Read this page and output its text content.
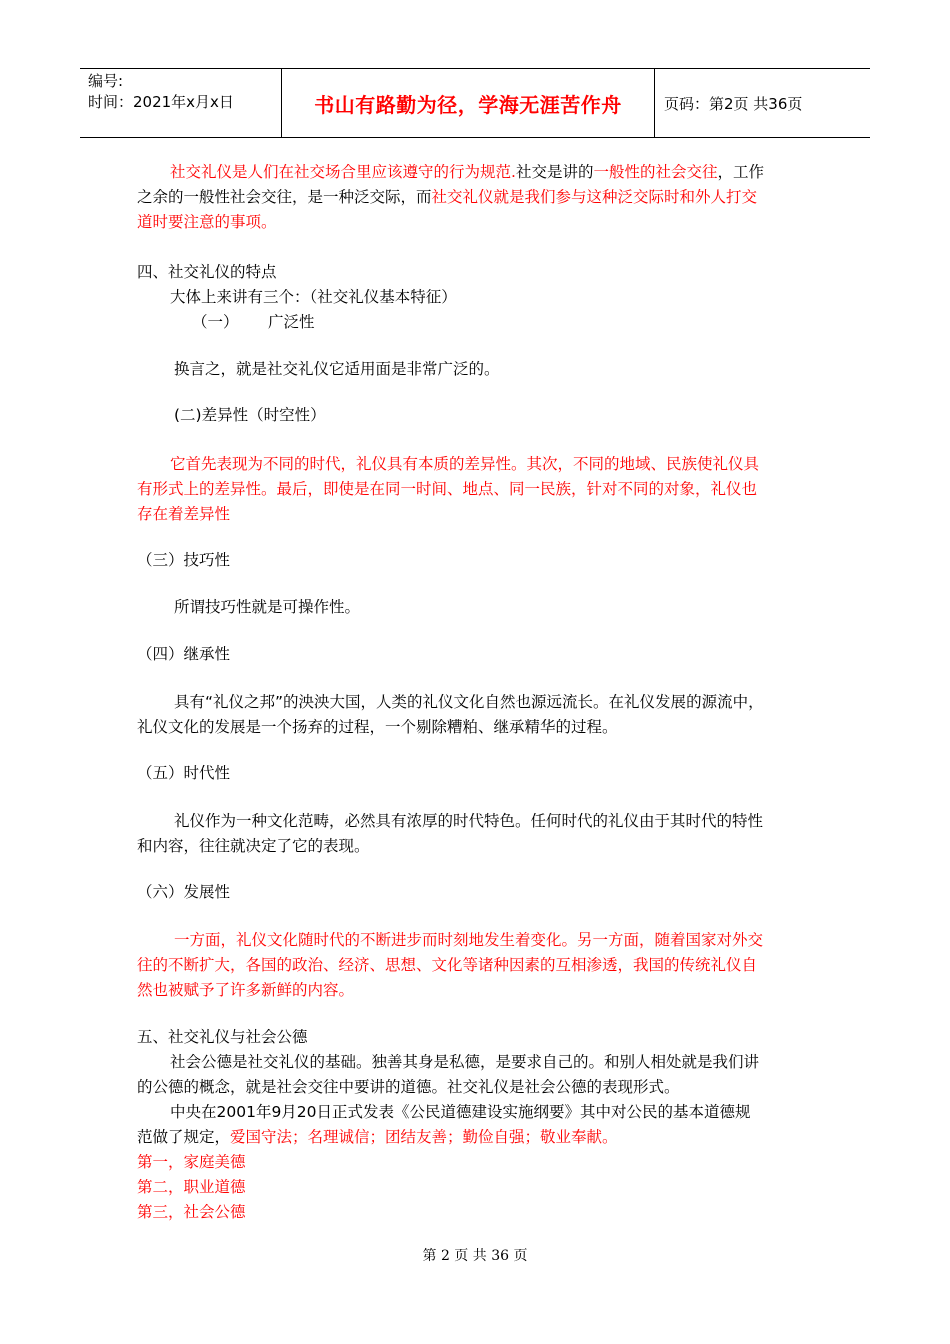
编号:
时间：2021年x月x日	书山有路勤为径，学海无涯苦作舟	页码：第2页 共36页
社交礼仪是人们在社交场合里应该遵守的行为规范.社交是讲的一般性的社会交往，工作
之余的一般性社会交往，是一种泛交际，而社交礼仪就是我们参与这种泛交际时和外人打交
道时要注意的事项。
四、社交礼仪的特点
大体上来讲有三个：（社交礼仪基本特征）
（一）      广泛性
换言之，就是社交礼仪它适用面是非常广泛的。
(二)差异性（时空性）
它首先表现为不同的时代，礼仪具有本质的差异性。其次，不同的地域、民族使礼仪具
有形式上的差异性。最后，即使是在同一时间、地点、同一民族，针对不同的对象，礼仪也
存在着差异性
（三）技巧性
所谓技巧性就是可操作性。
（四）继承性
具有“礼仪之邦”的泱泱大国，人类的礼仪文化自然也源远流长。在礼仪发展的源流中，
礼仪文化的发展是一个扬弃的过程，一个剔除糟粕、继承精华的过程。
（五）时代性
礼仪作为一种文化范畴，必然具有浓厚的时代特色。任何时代的礼仪由于其时代的特性
和内容，往往就决定了它的表现。
（六）发展性
一方面，礼仪文化随时代的不断进步而时刻地发生着变化。另一方面，随着国家对外交
往的不断扩大，各国的政治、经济、思想、文化等诸种因素的互相渗透，我国的传统礼仪自
然也被赋予了许多新鲜的内容。
五、社交礼仪与社会公德
社会公德是社交礼仪的基础。独善其身是私德，是要求自己的。和别人相处就是我们讲
的公德的概念，就是社会交往中要讲的道德。社交礼仪是社会公德的表现形式。
中央在2001年9月20日正式发表《公民道德建设实施纲要》其中对公民的基本道德规
范做了规定，爱国守法；名理诚信；团结友善；勤俭自强；敬业奉献。
第一，家庭美德
第二，职业道德
第三，社会公德
第 2 页 共 36 页
